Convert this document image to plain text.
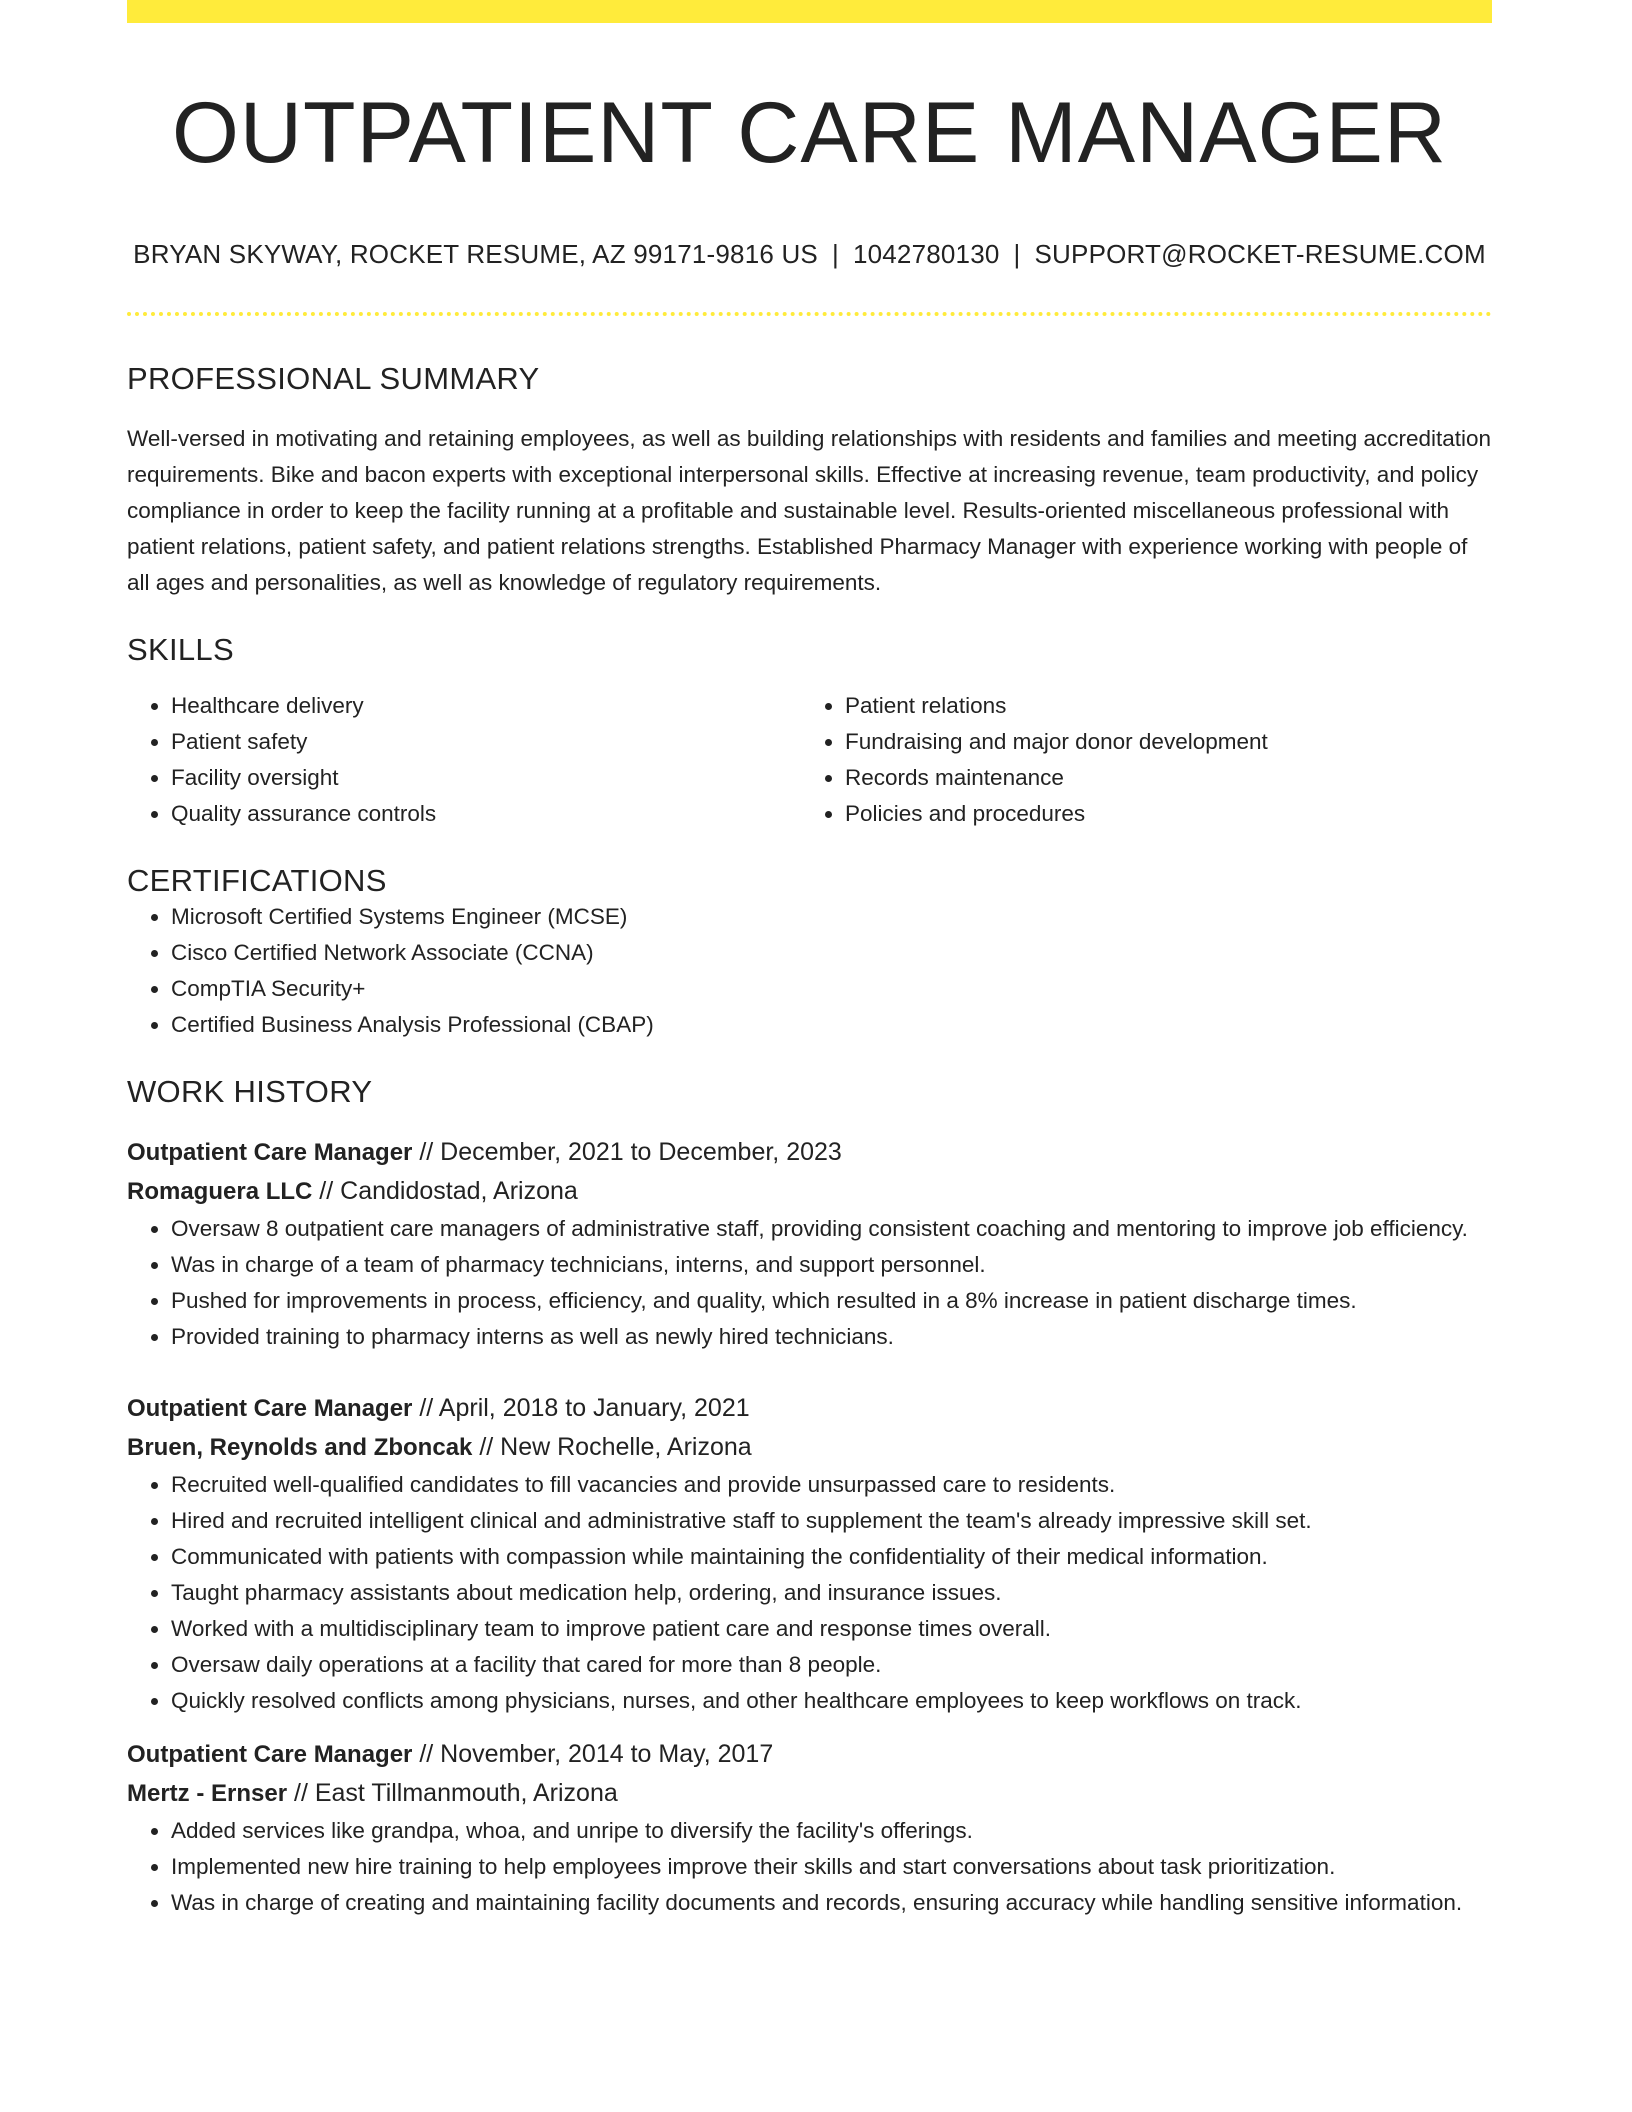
OUTPATIENT CARE MANAGER
BRYAN SKYWAY, ROCKET RESUME, AZ 99171-9816 US | 1042780130 | SUPPORT@ROCKET-RESUME.COM
PROFESSIONAL SUMMARY

Well-versed in motivating and retaining employees, as well as building relationships with residents and families and meeting accreditation requirements. Bike and bacon experts with exceptional interpersonal skills. Effective at increasing revenue, team productivity, and policy compliance in order to keep the facility running at a profitable and sustainable level. Results-oriented miscellaneous professional with patient relations, patient safety, and patient relations strengths. Established Pharmacy Manager with experience working with people of all ages and personalities, as well as knowledge of regulatory requirements.

SKILLS
• Healthcare delivery
• Patient safety
• Facility oversight
• Quality assurance controls
• Patient relations
• Fundraising and major donor development
• Records maintenance
• Policies and procedures
CERTIFICATIONS
• Microsoft Certified Systems Engineer (MCSE)
• Cisco Certified Network Associate (CCNA)
• CompTIA Security+
• Certified Business Analysis Professional (CBAP)
WORK HISTORY
Outpatient Care Manager // December, 2021 to December, 2023
Romaguera LLC // Candidostad, Arizona
• Oversaw 8 outpatient care managers of administrative staff, providing consistent coaching and mentoring to improve job efficiency.
• Was in charge of a team of pharmacy technicians, interns, and support personnel.
• Pushed for improvements in process, efficiency, and quality, which resulted in a 8% increase in patient discharge times.
• Provided training to pharmacy interns as well as newly hired technicians.
Outpatient Care Manager // April, 2018 to January, 2021
Bruen, Reynolds and Zboncak // New Rochelle, Arizona
• Recruited well-qualified candidates to fill vacancies and provide unsurpassed care to residents.
• Hired and recruited intelligent clinical and administrative staff to supplement the team's already impressive skill set.
• Communicated with patients with compassion while maintaining the confidentiality of their medical information.
• Taught pharmacy assistants about medication help, ordering, and insurance issues.
• Worked with a multidisciplinary team to improve patient care and response times overall.
• Oversaw daily operations at a facility that cared for more than 8 people.
• Quickly resolved conflicts among physicians, nurses, and other healthcare employees to keep workflows on track.
Outpatient Care Manager // November, 2014 to May, 2017
Mertz - Ernser // East Tillmanmouth, Arizona
• Added services like grandpa, whoa, and unripe to diversify the facility's offerings.
• Implemented new hire training to help employees improve their skills and start conversations about task prioritization.
• Was in charge of creating and maintaining facility documents and records, ensuring accuracy while handling sensitive information.
